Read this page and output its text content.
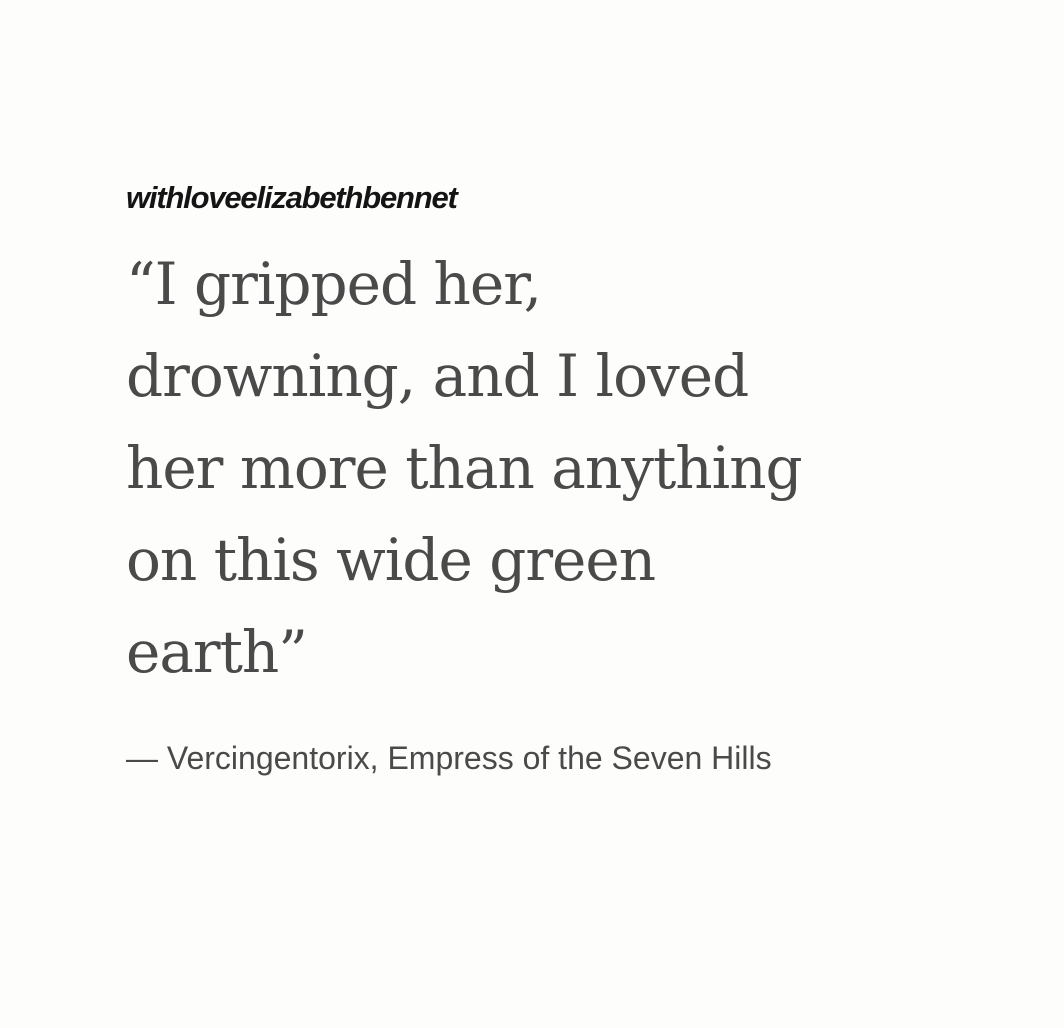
withloveelizabethbennet

“I gripped her,
drowning, and I loved
her more than anything
on this wide green
earth”

— Vercingentorix, Empress of the Seven Hills
